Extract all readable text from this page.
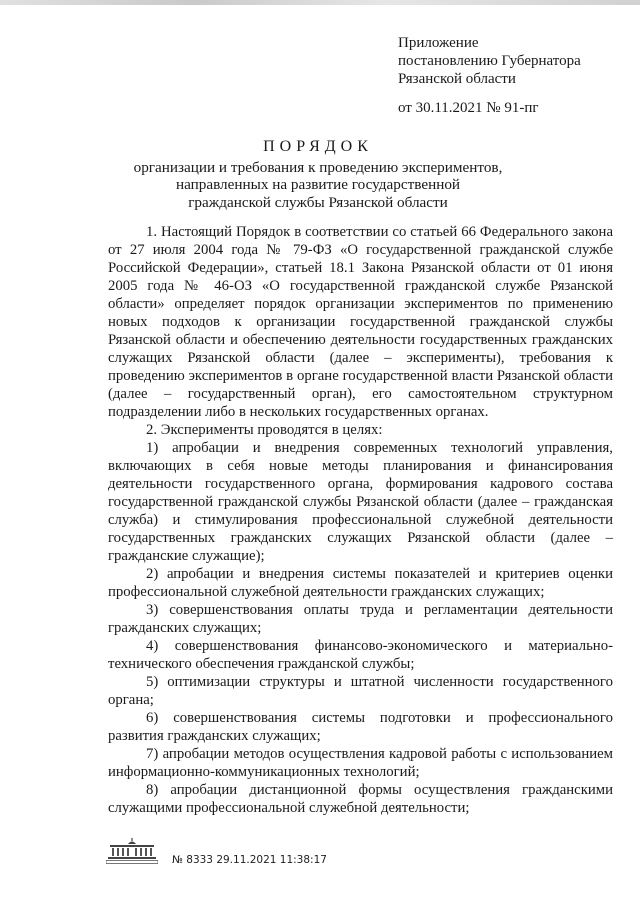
Приложение
постановлению Губернатора
Рязанской области
от 30.11.2021 № 91-пг
ПОРЯДОК
организации и требования к проведению экспериментов,
направленных на развитие государственной
гражданской службы Рязанской области

1. Настоящий Порядок в соответствии со статьей 66 Федерального закона от 27 июля 2004 года № 79-ФЗ «О государственной гражданской службе Российской Федерации», статьей 18.1 Закона Рязанской области от 01 июня 2005 года № 46-ОЗ «О государственной гражданской службе Рязанской области» определяет порядок организации экспериментов по применению новых подходов к организации государственной гражданской службы Рязанской области и обеспечению деятельности государственных гражданских служащих Рязанской области (далее – эксперименты), требования к проведению экспериментов в органе государственной власти Рязанской области (далее – государственный орган), его самостоятельном структурном подразделении либо в нескольких государственных органах.

2. Эксперименты проводятся в целях:

1) апробации и внедрения современных технологий управления, включающих в себя новые методы планирования и финансирования деятельности государственного органа, формирования кадрового состава государственной гражданской службы Рязанской области (далее – гражданская служба) и стимулирования профессиональной служебной деятельности государственных гражданских служащих Рязанской области (далее – гражданские служащие);

2) апробации и внедрения системы показателей и критериев оценки профессиональной служебной деятельности гражданских служащих;

3) совершенствования оплаты труда и регламентации деятельности гражданских служащих;

4) совершенствования финансово-экономического и материально-технического обеспечения гражданской службы;

5) оптимизации структуры и штатной численности государственного органа;

6) совершенствования системы подготовки и профессионального развития гражданских служащих;

7) апробации методов осуществления кадровой работы с использованием информационно-коммуникационных технологий;

8) апробации дистанционной формы осуществления гражданскими служащими профессиональной служебной деятельности;

№ 8333 29.11.2021 11:38:17
